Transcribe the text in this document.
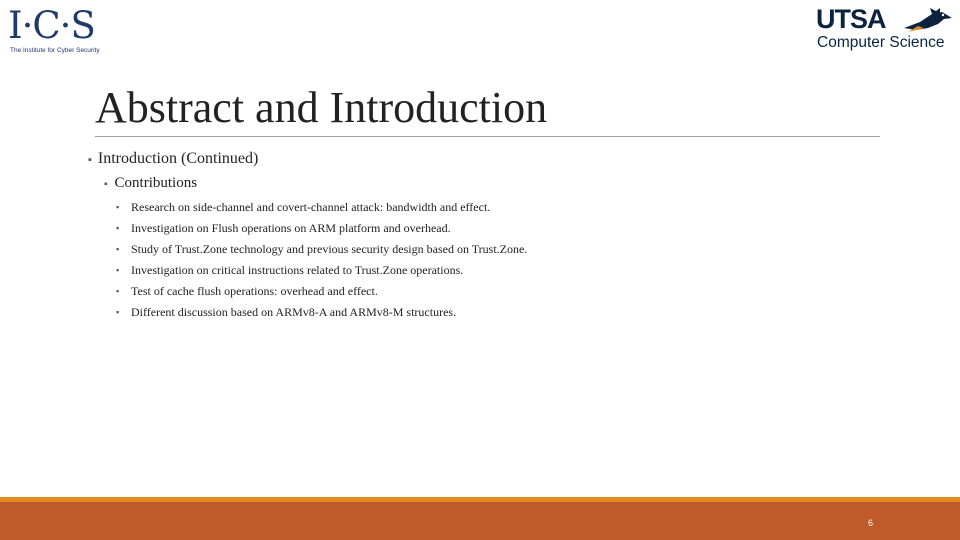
I·C·S
The Institute for Cyber Security
UTSA
Computer Science
Abstract and Introduction
▪ Introduction (Continued)
▪ Contributions
▪ Research on side-channel and covert-channel attack: bandwidth and effect.
▪ Investigation on Flush operations on ARM platform and overhead.
▪ Study of Trust.Zone technology and previous security design based on Trust.Zone.
▪ Investigation on critical instructions related to Trust.Zone operations.
▪ Test of cache flush operations: overhead and effect.
▪ Different discussion based on ARMv8-A and ARMv8-M structures.
6
